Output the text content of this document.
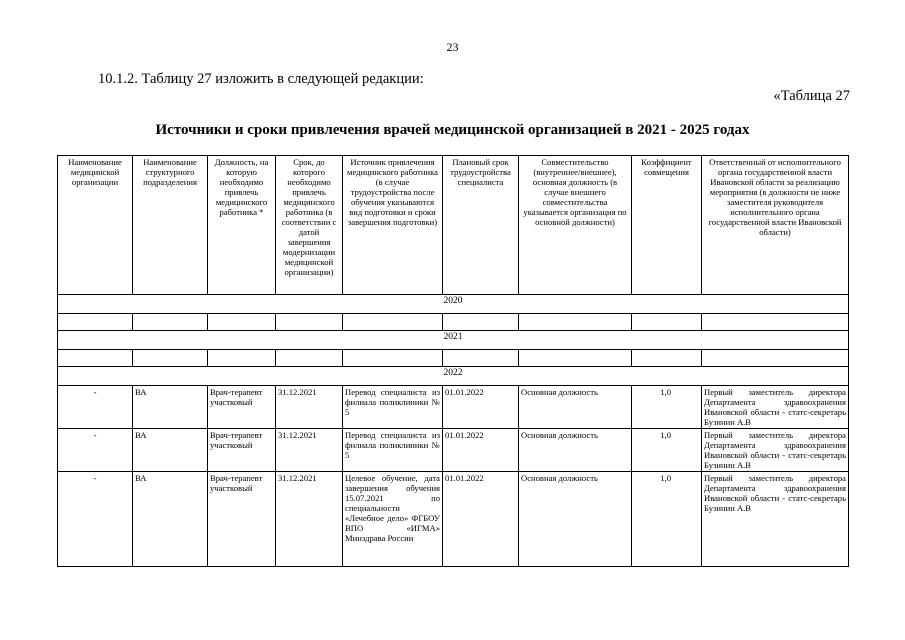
23
10.1.2. Таблицу 27 изложить в следующей редакции:
«Таблица 27
Источники и сроки привлечения врачей медицинской организацией в 2021 - 2025 годах
Наименование медицинской организации	Наименование структурного подразделения	Должность, на которую необходимо привлечь медицинского работника *	Срок, до которого необходимо привлечь медицинского работника (в соответствии с датой завершения модернизации медицинской организации)	Источник привлечения медицинского работника (в случае трудоустройства после обучения указываются вид подготовки и сроки завершения подготовки)	Плановый срок трудоустройства специалиста	Совместительство (внутреннее/внешнее), основная должность (в случае внешнего совместительства указывается организация по основной должности)	Коэффициент совмещения	Ответственный от исполнительного органа государственной власти Ивановской области за реализацию мероприятия (в должности не ниже заместителя руководителя исполнительного органа государственной власти Ивановской области)
2020								

2021								

2022								
-	ВА	Врач-терапевт участковый	31.12.2021	Перевод специалиста из филиала поликлиники № 5	01.01.2022	Основная должность	1,0	Первый заместитель директора Департамента здравоохранения Ивановской области - статс-секретарь Бузинин А.В
-	ВА	Врач-терапевт участковый	31.12.2021	Перевод специалиста из филиала поликлиники № 5	01.01.2022	Основная должность	1,0	Первый заместитель директора Департамента здравоохранения Ивановской области - статс-секретарь Бузинин А.В
-	ВА	Врач-терапевт участковый	31.12.2021	Целевое обучение, дата завершения обучения 15.07.2021 по специальности «Лечебное дело» ФГБОУ ВПО «ИГМА» Минздрава России	01.01.2022	Основная должность	1,0	Первый заместитель директора Департамента здравоохранения Ивановской области - статс-секретарь Бузинин А.В
